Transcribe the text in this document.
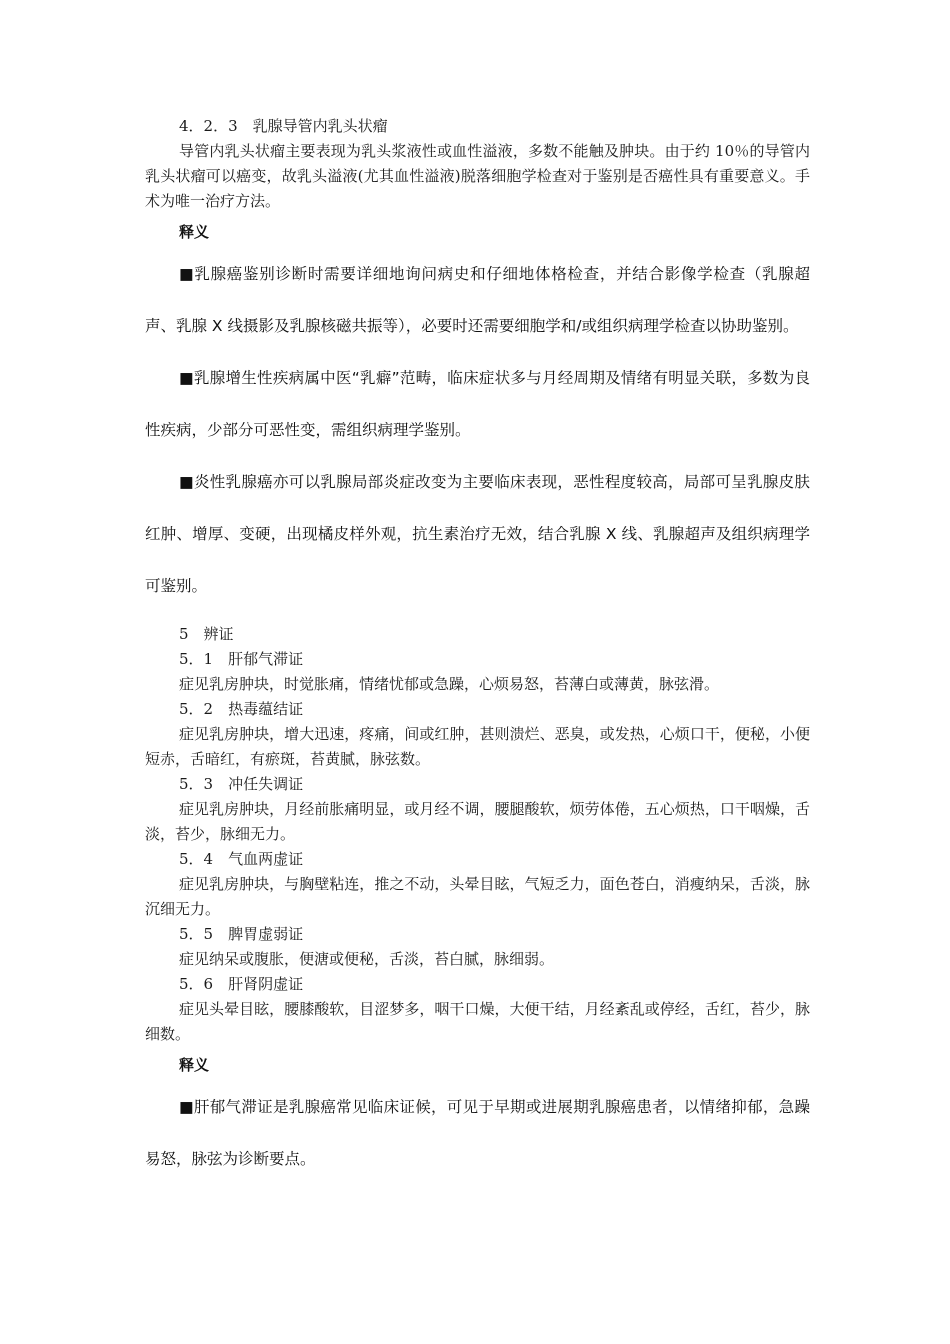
4．2．3　乳腺导管内乳头状瘤
导管内乳头状瘤主要表现为乳头浆液性或血性溢液，多数不能触及肿块。由于约 10％的导管内乳头状瘤可以癌变，故乳头溢液(尤其血性溢液)脱落细胞学检查对于鉴别是否癌性具有重要意义。手术为唯一治疗方法。
释义

■乳腺癌鉴别诊断时需要详细地询问病史和仔细地体格检查，并结合影像学检查（乳腺超声、乳腺 X 线摄影及乳腺核磁共振等），必要时还需要细胞学和/或组织病理学检查以协助鉴别。

■乳腺增生性疾病属中医“乳癖”范畴，临床症状多与月经周期及情绪有明显关联，多数为良性疾病，少部分可恶性变，需组织病理学鉴别。

■炎性乳腺癌亦可以乳腺局部炎症改变为主要临床表现，恶性程度较高，局部可呈乳腺皮肤红肿、增厚、变硬，出现橘皮样外观，抗生素治疗无效，结合乳腺 X 线、乳腺超声及组织病理学可鉴别。

5　辨证
5．1　肝郁气滞证
症见乳房肿块，时觉胀痛，情绪忧郁或急躁，心烦易怒，苔薄白或薄黄，脉弦滑。
5．2　热毒蕴结证
症见乳房肿块，增大迅速，疼痛，间或红肿，甚则溃烂、恶臭，或发热，心烦口干，便秘，小便短赤，舌暗红，有瘀斑，苔黄腻，脉弦数。
5．3　冲任失调证
症见乳房肿块，月经前胀痛明显，或月经不调，腰腿酸软，烦劳体倦，五心烦热，口干咽燥，舌淡，苔少，脉细无力。
5．4　气血两虚证
症见乳房肿块，与胸壁粘连，推之不动，头晕目眩，气短乏力，面色苍白，消瘦纳呆，舌淡，脉沉细无力。
5．5　脾胃虚弱证
症见纳呆或腹胀，便溏或便秘，舌淡，苔白腻，脉细弱。
5．6　肝肾阴虚证
症见头晕目眩，腰膝酸软，目涩梦多，咽干口燥，大便干结，月经紊乱或停经，舌红，苔少，脉细数。
释义

■肝郁气滞证是乳腺癌常见临床证候，可见于早期或进展期乳腺癌患者，以情绪抑郁，急躁易怒，脉弦为诊断要点。
